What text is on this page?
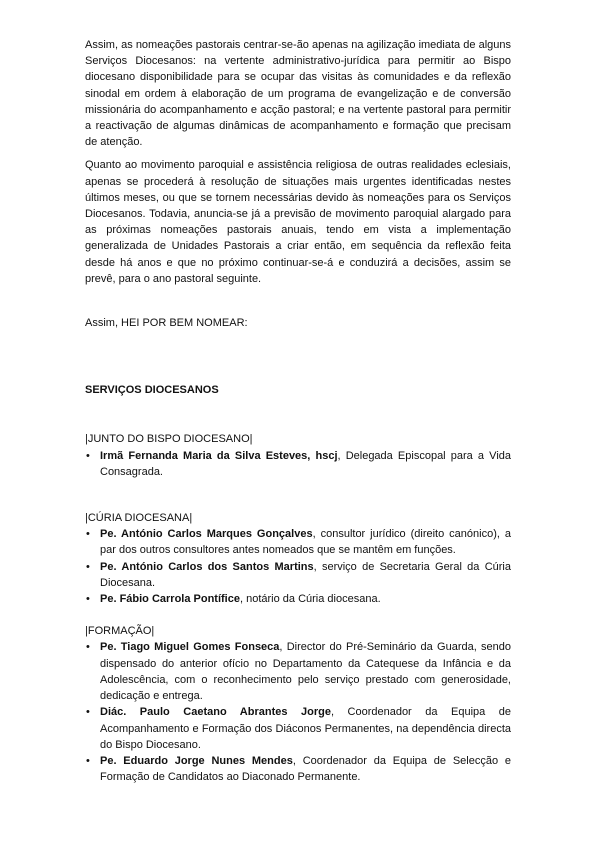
Assim, as nomeações pastorais centrar-se-ão apenas na agilização imediata de alguns Serviços Diocesanos: na vertente administrativo-jurídica para permitir ao Bispo diocesano disponibilidade para se ocupar das visitas às comunidades e da reflexão sinodal em ordem à elaboração de um programa de evangelização e de conversão missionária do acompanhamento e acção pastoral; e na vertente pastoral para permitir a reactivação de algumas dinâmicas de acompanhamento e formação que precisam de atenção.

Quanto ao movimento paroquial e assistência religiosa de outras realidades eclesiais, apenas se procederá à resolução de situações mais urgentes identificadas nestes últimos meses, ou que se tornem necessárias devido às nomeações para os Serviços Diocesanos. Todavia, anuncia-se já a previsão de movimento paroquial alargado para as próximas nomeações pastorais anuais, tendo em vista a implementação generalizada de Unidades Pastorais a criar então, em sequência da reflexão feita desde há anos e que no próximo continuar-se-á e conduzirá a decisões, assim se prevê, para o ano pastoral seguinte.

Assim, HEI POR BEM NOMEAR:

SERVIÇOS DIOCESANOS

|JUNTO DO BISPO DIOCESANO|

• Irmã Fernanda Maria da Silva Esteves, hscj, Delegada Episcopal para a Vida Consagrada.

|CÚRIA DIOCESANA|

• Pe. António Carlos Marques Gonçalves, consultor jurídico (direito canónico), a par dos outros consultores antes nomeados que se mantêm em funções.
• Pe. António Carlos dos Santos Martins, serviço de Secretaria Geral da Cúria Diocesana.
• Pe. Fábio Carrola Pontífice, notário da Cúria diocesana.

|FORMAÇÃO|

• Pe. Tiago Miguel Gomes Fonseca, Director do Pré-Seminário da Guarda, sendo dispensado do anterior ofício no Departamento da Catequese da Infância e da Adolescência, com o reconhecimento pelo serviço prestado com generosidade, dedicação e entrega.
• Diác. Paulo Caetano Abrantes Jorge, Coordenador da Equipa de Acompanhamento e Formação dos Diáconos Permanentes, na dependência directa do Bispo Diocesano.
• Pe. Eduardo Jorge Nunes Mendes, Coordenador da Equipa de Selecção e Formação de Candidatos ao Diaconado Permanente.
